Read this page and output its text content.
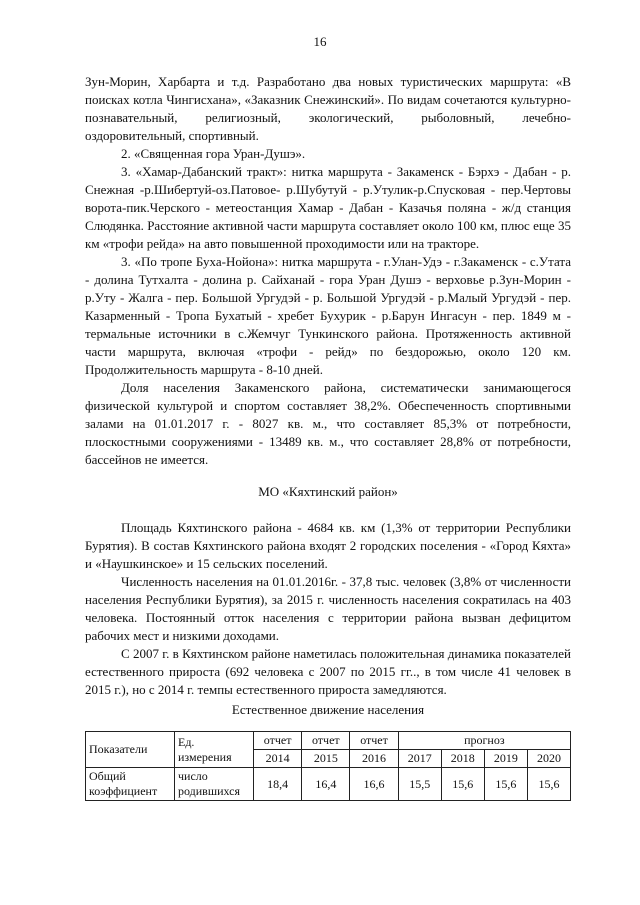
16

Зун-Морин, Харбарта и т.д. Разработано два новых туристических маршрута: «В поисках котла Чингисхана», «Заказник Снежинский». По видам сочетаются культурно-познавательный, религиозный, экологический, рыболовный, лечебно-оздоровительный, спортивный.

2. «Священная гора Уран-Душэ».

3. «Хамар-Дабанский тракт»: нитка маршрута - Закаменск - Бэрхэ - Дабан - р. Снежная -р.Шибертуй-оз.Патовое- р.Шубутуй - р.Утулик-р.Спусковая - пер.Чертовы ворота-пик.Черского - метеостанция Хамар - Дабан - Казачья поляна - ж/д станция Слюдянка. Расстояние активной части маршрута составляет около 100 км, плюс еще 35 км «трофи рейда» на авто повышенной проходимости или на тракторе.

3. «По тропе Буха-Нойона»: нитка маршрута - г.Улан-Удэ - г.Закаменск - с.Утата - долина Тутхалта - долина р. Сайханай - гора Уран Душэ - верховье р.Зун-Морин - р.Уту - Жалга - пер. Большой Ургудэй - р. Большой Ургудэй - р.Малый Ургудэй - пер. Казарменный - Тропа Бухатый - хребет Бухурик - р.Барун Ингасун - пер. 1849 м - термальные источники в с.Жемчуг Тункинского района. Протяженность активной части маршрута, включая «трофи - рейд» по бездорожью, около 120 км. Продолжительность маршрута - 8-10 дней.

Доля населения Закаменского района, систематически занимающегося физической культурой и спортом составляет 38,2%. Обеспеченность спортивными залами на 01.01.2017 г. - 8027 кв. м., что составляет 85,3% от потребности, плоскостными сооружениями - 13489 кв. м., что составляет 28,8% от потребности, бассейнов не имеется.

МО «Кяхтинский район»

Площадь Кяхтинского района - 4684 кв. км (1,3% от территории Республики Бурятия). В состав Кяхтинского района входят 2 городских поселения - «Город Кяхта» и «Наушкинское» и 15 сельских поселений.

Численность населения на 01.01.2016г. - 37,8 тыс. человек (3,8% от численности населения Республики Бурятия), за 2015 г. численность населения сократилась на 403 человека. Постоянный отток населения с территории района вызван дефицитом рабочих мест и низкими доходами.

С 2007 г. в Кяхтинском районе наметилась положительная динамика показателей естественного прироста (692 человека с 2007 по 2015 гг.., в том числе 41 человек в 2015 г.), но с 2014 г. темпы естественного прироста замедляются.

Естественное движение населения

Показатели	Ед. измерения	отчет	отчет	отчет	прогноз			
		2014	2015	2016	2017	2018	2019	2020
Общий коэффициент	число родившихся	18,4	16,4	16,6	15,5	15,6	15,6	15,6
